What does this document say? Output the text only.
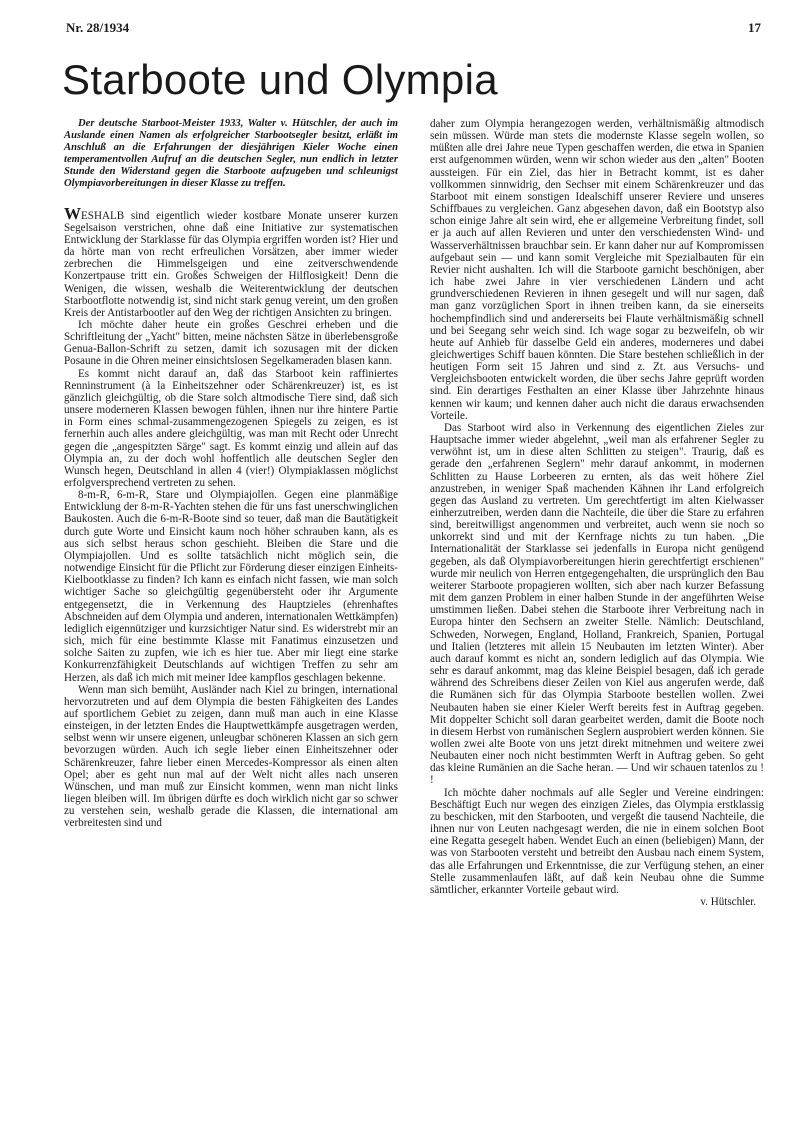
Nr. 28/1934	17
Starboote und Olympia

Der deutsche Starboot-Meister 1933, Walter v. Hütschler, der auch im Auslande einen Namen als erfolgreicher Starbootsegler besitzt, erläßt im Anschluß an die Erfahrungen der diesjährigen Kieler Woche einen temperamentvollen Aufruf an die deutschen Segler, nun endlich in letzter Stunde den Widerstand gegen die Starboote aufzugeben und schleunigst Olympiavorbereitungen in dieser Klasse zu treffen.

WESHALB sind eigentlich wieder kostbare Monate unserer kurzen Segelsaison verstrichen, ohne daß eine Initiative zur systematischen Entwicklung der Starklasse für das Olympia ergriffen worden ist? Hier und da hörte man von recht erfreulichen Vorsätzen, aber immer wieder zerbrechen die Himmelsgeigen und eine zeitverschwendende Konzertpause tritt ein. Großes Schweigen der Hilflosigkeit! Denn die Wenigen, die wissen, weshalb die Weiterentwicklung der deutschen Starbootflotte notwendig ist, sind nicht stark genug vereint, um den großen Kreis der Antistarbootler auf den Weg der richtigen Ansichten zu bringen.

Ich möchte daher heute ein großes Geschrei erheben und die Schriftleitung der „Yacht" bitten, meine nächsten Sätze in überlebensgroße Genua-Ballon-Schrift zu setzen, damit ich sozusagen mit der dicken Posaune in die Ohren meiner einsichtslosen Segelkameraden blasen kann.

Es kommt nicht darauf an, daß das Starboot kein raffiniertes Renninstrument (à la Einheitszehner oder Schärenkreuzer) ist, es ist gänzlich gleichgültig, ob die Stare solch altmodische Tiere sind, daß sich unsere moderneren Klassen bewogen fühlen, ihnen nur ihre hintere Partie in Form eines schmal-zusammengezogenen Spiegels zu zeigen, es ist fernerhin auch alles andere gleichgültig, was man mit Recht oder Unrecht gegen die „angespitzten Särge" sagt. Es kommt einzig und allein auf das Olympia an, zu der doch wohl hoffentlich alle deutschen Segler den Wunsch hegen, Deutschland in allen 4 (vier!) Olympiaklassen möglichst erfolgversprechend vertreten zu sehen.

8-m-R, 6-m-R, Stare und Olympiajollen. Gegen eine planmäßige Entwicklung der 8-m-R-Yachten stehen die für uns fast unerschwinglichen Baukosten. Auch die 6-m-R-Boote sind so teuer, daß man die Bautätigkeit durch gute Worte und Einsicht kaum noch höher schrauben kann, als es aus sich selbst heraus schon geschieht. Bleiben die Stare und die Olympiajollen. Und es sollte tatsächlich nicht möglich sein, die notwendige Einsicht für die Pflicht zur Förderung dieser einzigen Einheits-Kielbootklasse zu finden? Ich kann es einfach nicht fassen, wie man solch wichtiger Sache so gleichgültig gegenübersteht oder ihr Argumente entgegensetzt, die in Verkennung des Hauptzieles (ehrenhaftes Abschneiden auf dem Olympia und anderen, internationalen Wettkämpfen) lediglich eigennütziger und kurzsichtiger Natur sind. Es widerstrebt mir an sich, mich für eine bestimmte Klasse mit Fanatimus einzusetzen und solche Saiten zu zupfen, wie ich es hier tue. Aber mir liegt eine starke Konkurrenzfähigkeit Deutschlands auf wichtigen Treffen zu sehr am Herzen, als daß ich mich mit meiner Idee kampflos geschlagen bekenne.

Wenn man sich bemüht, Ausländer nach Kiel zu bringen, international hervorzutreten und auf dem Olympia die besten Fähigkeiten des Landes auf sportlichem Gebiet zu zeigen, dann muß man auch in eine Klasse einsteigen, in der letzten Endes die Hauptwettkämpfe ausgetragen werden, selbst wenn wir unsere eigenen, unleugbar schöneren Klassen an sich gern bevorzugen würden. Auch ich segle lieber einen Einheitszehner oder Schärenkreuzer, fahre lieber einen Mercedes-Kompressor als einen alten Opel; aber es geht nun mal auf der Welt nicht alles nach unseren Wünschen, und man muß zur Einsicht kommen, wenn man nicht links liegen bleiben will. Im übrigen dürfte es doch wirklich nicht gar so schwer zu verstehen sein, weshalb gerade die Klassen, die international am verbreitesten sind und

daher zum Olympia herangezogen werden, verhältnismäßig altmodisch sein müssen. Würde man stets die modernste Klasse segeln wollen, so müßten alle drei Jahre neue Typen geschaffen werden, die etwa in Spanien erst aufgenommen würden, wenn wir schon wieder aus den „alten" Booten aussteigen. Für ein Ziel, das hier in Betracht kommt, ist es daher vollkommen sinnwidrig, den Sechser mit einem Schärenkreuzer und das Starboot mit einem sonstigen Idealschiff unserer Reviere und unseres Schiffbaues zu vergleichen. Ganz abgesehen davon, daß ein Bootstyp also schon einige Jahre alt sein wird, ehe er allgemeine Verbreitung findet, soll er ja auch auf allen Revieren und unter den verschiedensten Wind- und Wasserverhältnissen brauchbar sein. Er kann daher nur auf Kompromissen aufgebaut sein — und kann somit Vergleiche mit Spezialbauten für ein Revier nicht aushalten. Ich will die Starboote garnicht beschönigen, aber ich habe zwei Jahre in vier verschiedenen Ländern und acht grundverschiedenen Revieren in ihnen gesegelt und will nur sagen, daß man ganz vorzüglichen Sport in ihnen treiben kann, da sie einerseits hochempfindlich sind und andererseits bei Flaute verhältnismäßig schnell und bei Seegang sehr weich sind. Ich wage sogar zu bezweifeln, ob wir heute auf Anhieb für dasselbe Geld ein anderes, moderneres und dabei gleichwertiges Schiff bauen könnten. Die Stare bestehen schließlich in der heutigen Form seit 15 Jahren und sind z. Zt. aus Versuchs- und Vergleichsbooten entwickelt worden, die über sechs Jahre geprüft worden sind. Ein derartiges Festhalten an einer Klasse über Jahrzehnte hinaus kennen wir kaum; und kennen daher auch nicht die daraus erwachsenden Vorteile.

Das Starboot wird also in Verkennung des eigentlichen Zieles zur Hauptsache immer wieder abgelehnt, „weil man als erfahrener Segler zu verwöhnt ist, um in diese alten Schlitten zu steigen". Traurig, daß es gerade den „erfahrenen Seglern" mehr darauf ankommt, in modernen Schlitten zu Hause Lorbeeren zu ernten, als das weit höhere Ziel anzustreben, in weniger Spaß machenden Kähnen ihr Land erfolgreich gegen das Ausland zu vertreten. Um gerechtfertigt im alten Kielwasser einherzutreiben, werden dann die Nachteile, die über die Stare zu erfahren sind, bereitwilligst angenommen und verbreitet, auch wenn sie noch so unkorrekt sind und mit der Kernfrage nichts zu tun haben. „Die Internationalität der Starklasse sei jedenfalls in Europa nicht genügend gegeben, als daß Olympiavorbereitungen hierin gerechtfertigt erschienen" wurde mir neulich von Herren entgegengehalten, die ursprünglich den Bau weiterer Starboote propagieren wollten, sich aber nach kurzer Befassung mit dem ganzen Problem in einer halben Stunde in der angeführten Weise umstimmen ließen. Dabei stehen die Starboote ihrer Verbreitung nach in Europa hinter den Sechsern an zweiter Stelle. Nämlich: Deutschland, Schweden, Norwegen, England, Holland, Frankreich, Spanien, Portugal und Italien (letzteres mit allein 15 Neubauten im letzten Winter). Aber auch darauf kommt es nicht an, sondern lediglich auf das Olympia. Wie sehr es darauf ankommt, mag das kleine Beispiel besagen, daß ich gerade während des Schreibens dieser Zeilen von Kiel aus angerufen werde, daß die Rumänen sich für das Olympia Starboote bestellen wollen. Zwei Neubauten haben sie einer Kieler Werft bereits fest in Auftrag gegeben. Mit doppelter Schicht soll daran gearbeitet werden, damit die Boote noch in diesem Herbst von rumänischen Seglern ausprobiert werden können. Sie wollen zwei alte Boote von uns jetzt direkt mitnehmen und weitere zwei Neubauten einer noch nicht bestimmten Werft in Auftrag geben. So geht das kleine Rumänien an die Sache heran. — Und wir schauen tatenlos zu ! !

Ich möchte daher nochmals auf alle Segler und Vereine eindringen: Beschäftigt Euch nur wegen des einzigen Zieles, das Olympia erstklassig zu beschicken, mit den Starbooten, und vergeßt die tausend Nachteile, die ihnen nur von Leuten nachgesagt werden, die nie in einem solchen Boot eine Regatta gesegelt haben. Wendet Euch an einen (beliebigen) Mann, der was von Starbooten versteht und betreibt den Ausbau nach einem System, das alle Erfahrungen und Erkenntnisse, die zur Verfügung stehen, an einer Stelle zusammenlaufen läßt, auf daß kein Neubau ohne die Summe sämtlicher, erkannter Vorteile gebaut wird.

v. Hütschler.
